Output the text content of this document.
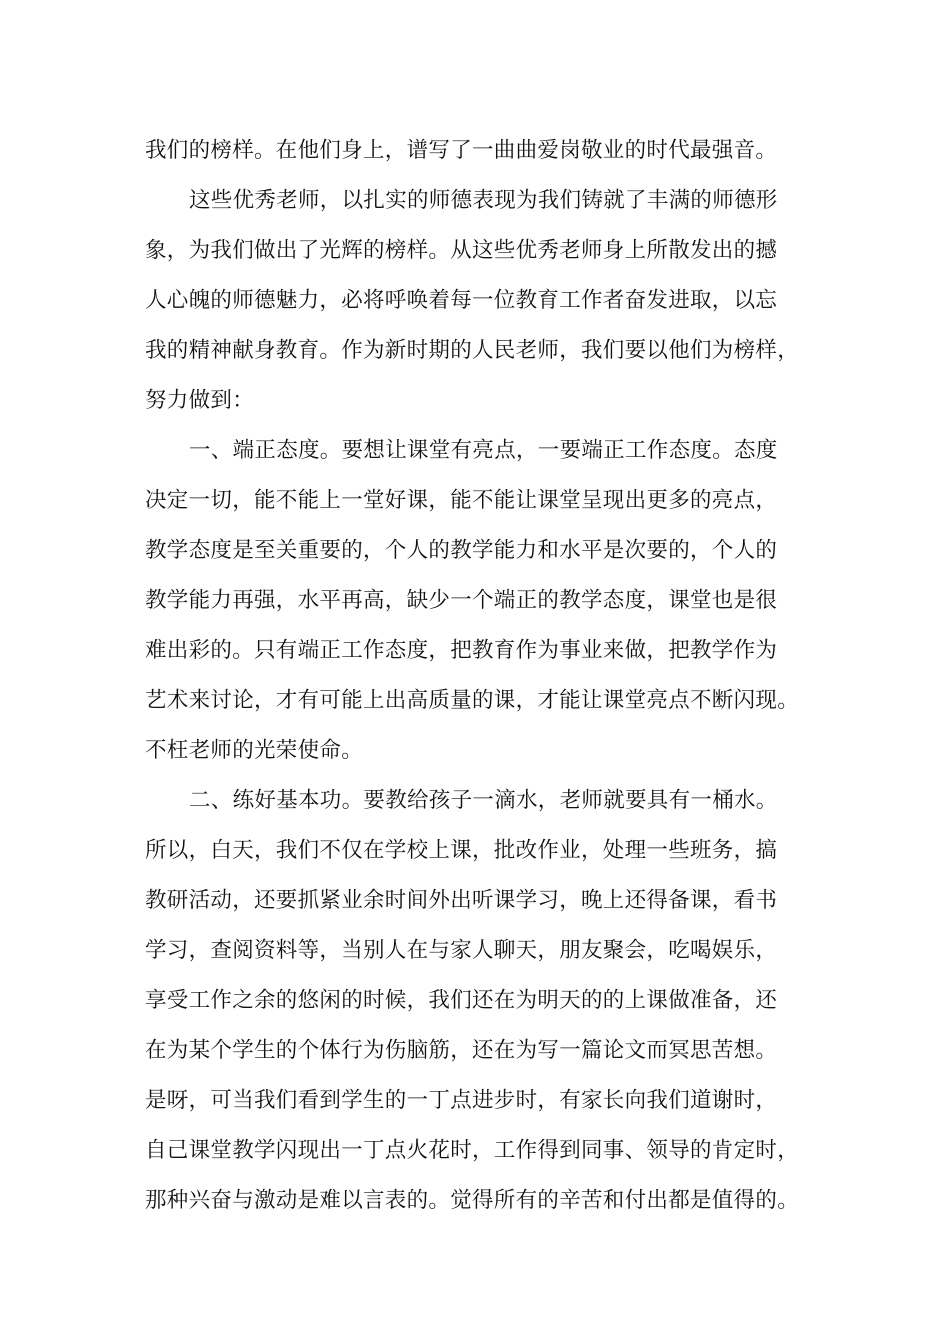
我们的榜样。在他们身上，谱写了一曲曲爱岗敬业的时代最强音。
这些优秀老师，以扎实的师德表现为我们铸就了丰满的师德形
象，为我们做出了光辉的榜样。从这些优秀老师身上所散发出的撼
人心魄的师德魅力，必将呼唤着每一位教育工作者奋发进取，以忘
我的精神献身教育。作为新时期的人民老师，我们要以他们为榜样，
努力做到：
一、端正态度。要想让课堂有亮点，一要端正工作态度。态度
决定一切，能不能上一堂好课，能不能让课堂呈现出更多的亮点，
教学态度是至关重要的，个人的教学能力和水平是次要的，个人的
教学能力再强，水平再高，缺少一个端正的教学态度，课堂也是很
难出彩的。只有端正工作态度，把教育作为事业来做，把教学作为
艺术来讨论，才有可能上出高质量的课，才能让课堂亮点不断闪现。
不枉老师的光荣使命。
二、练好基本功。要教给孩子一滴水，老师就要具有一桶水。
所以，白天，我们不仅在学校上课，批改作业，处理一些班务，搞
教研活动，还要抓紧业余时间外出听课学习，晚上还得备课，看书
学习，查阅资料等，当别人在与家人聊天，朋友聚会，吃喝娱乐，
享受工作之余的悠闲的时候，我们还在为明天的的上课做准备，还
在为某个学生的个体行为伤脑筋，还在为写一篇论文而冥思苦想。
是呀，可当我们看到学生的一丁点进步时，有家长向我们道谢时，
自己课堂教学闪现出一丁点火花时，工作得到同事、领导的肯定时，
那种兴奋与激动是难以言表的。觉得所有的辛苦和付出都是值得的。
